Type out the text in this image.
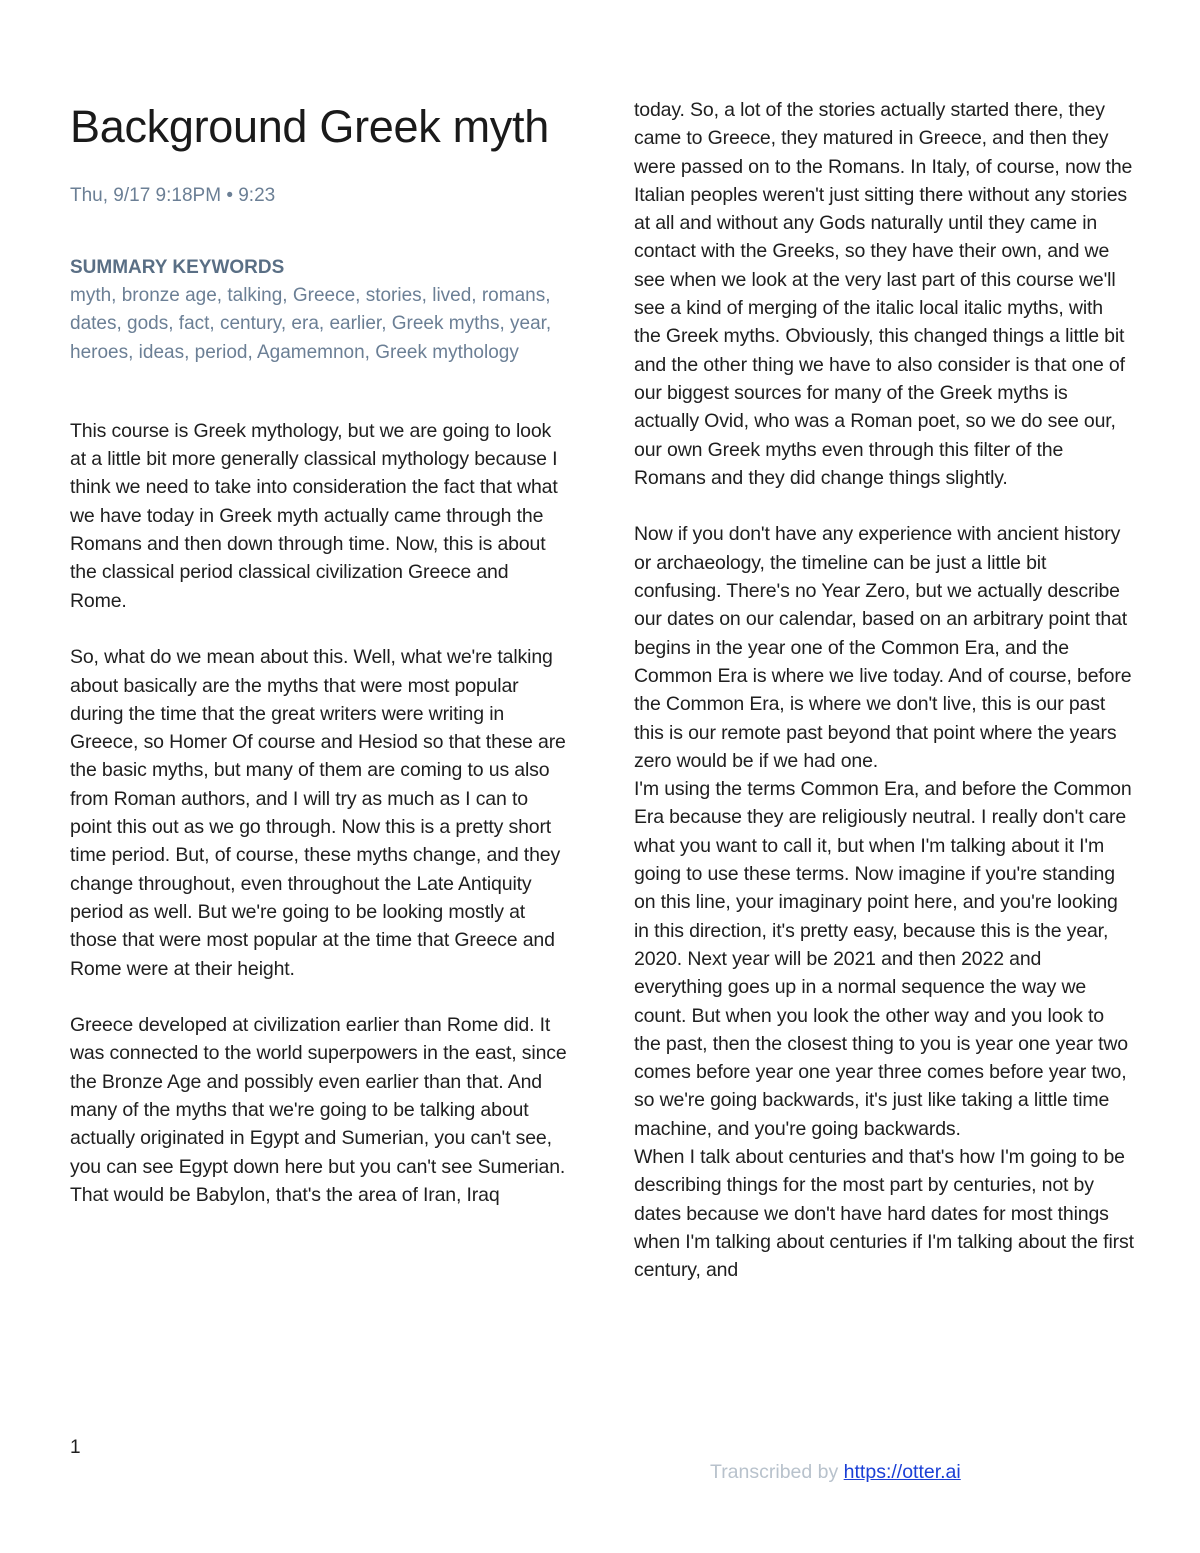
Background Greek myth
Thu, 9/17 9:18PM • 9:23
SUMMARY KEYWORDS
myth, bronze age, talking, Greece, stories, lived, romans, dates, gods, fact, century, era, earlier, Greek myths, year, heroes, ideas, period, Agamemnon, Greek mythology

This course is Greek mythology, but we are going to look at a little bit more generally classical mythology because I think we need to take into consideration the fact that what we have today in Greek myth actually came through the Romans and then down through time. Now, this is about the classical period classical civilization Greece and Rome.

So, what do we mean about this. Well, what we're talking about basically are the myths that were most popular during the time that the great writers were writing in Greece, so Homer Of course and Hesiod so that these are the basic myths, but many of them are coming to us also from Roman authors, and I will try as much as I can to point this out as we go through. Now this is a pretty short time period. But, of course, these myths change, and they change throughout, even throughout the Late Antiquity period as well. But we're going to be looking mostly at those that were most popular at the time that Greece and Rome were at their height.

Greece developed at civilization earlier than Rome did. It was connected to the world superpowers in the east, since the Bronze Age and possibly even earlier than that. And many of the myths that we're going to be talking about actually originated in Egypt and Sumerian, you can't see, you can see Egypt down here but you can't see Sumerian. That would be Babylon, that's the area of Iran, Iraq

today. So, a lot of the stories actually started there, they came to Greece, they matured in Greece, and then they were passed on to the Romans. In Italy, of course, now the Italian peoples weren't just sitting there without any stories at all and without any Gods naturally until they came in contact with the Greeks, so they have their own, and we see when we look at the very last part of this course we'll see a kind of merging of the italic local italic myths, with the Greek myths. Obviously, this changed things a little bit and the other thing we have to also consider is that one of our biggest sources for many of the Greek myths is actually Ovid, who was a Roman poet, so we do see our, our own Greek myths even through this filter of the Romans and they did change things slightly.

Now if you don't have any experience with ancient history or archaeology, the timeline can be just a little bit confusing. There's no Year Zero, but we actually describe our dates on our calendar, based on an arbitrary point that begins in the year one of the Common Era, and the Common Era is where we live today. And of course, before the Common Era, is where we don't live, this is our past this is our remote past beyond that point where the years zero would be if we had one.

I'm using the terms Common Era, and before the Common Era because they are religiously neutral. I really don't care what you want to call it, but when I'm talking about it I'm going to use these terms. Now imagine if you're standing on this line, your imaginary point here, and you're looking in this direction, it's pretty easy, because this is the year, 2020. Next year will be 2021 and then 2022 and everything goes up in a normal sequence the way we count. But when you look the other way and you look to the past, then the closest thing to you is year one year two comes before year one year three comes before year two, so we're going backwards, it's just like taking a little time machine, and you're going backwards.

When I talk about centuries and that's how I'm going to be describing things for the most part by centuries, not by dates because we don't have hard dates for most things when I'm talking about centuries if I'm talking about the first century, and

1
Transcribed by https://otter.ai
